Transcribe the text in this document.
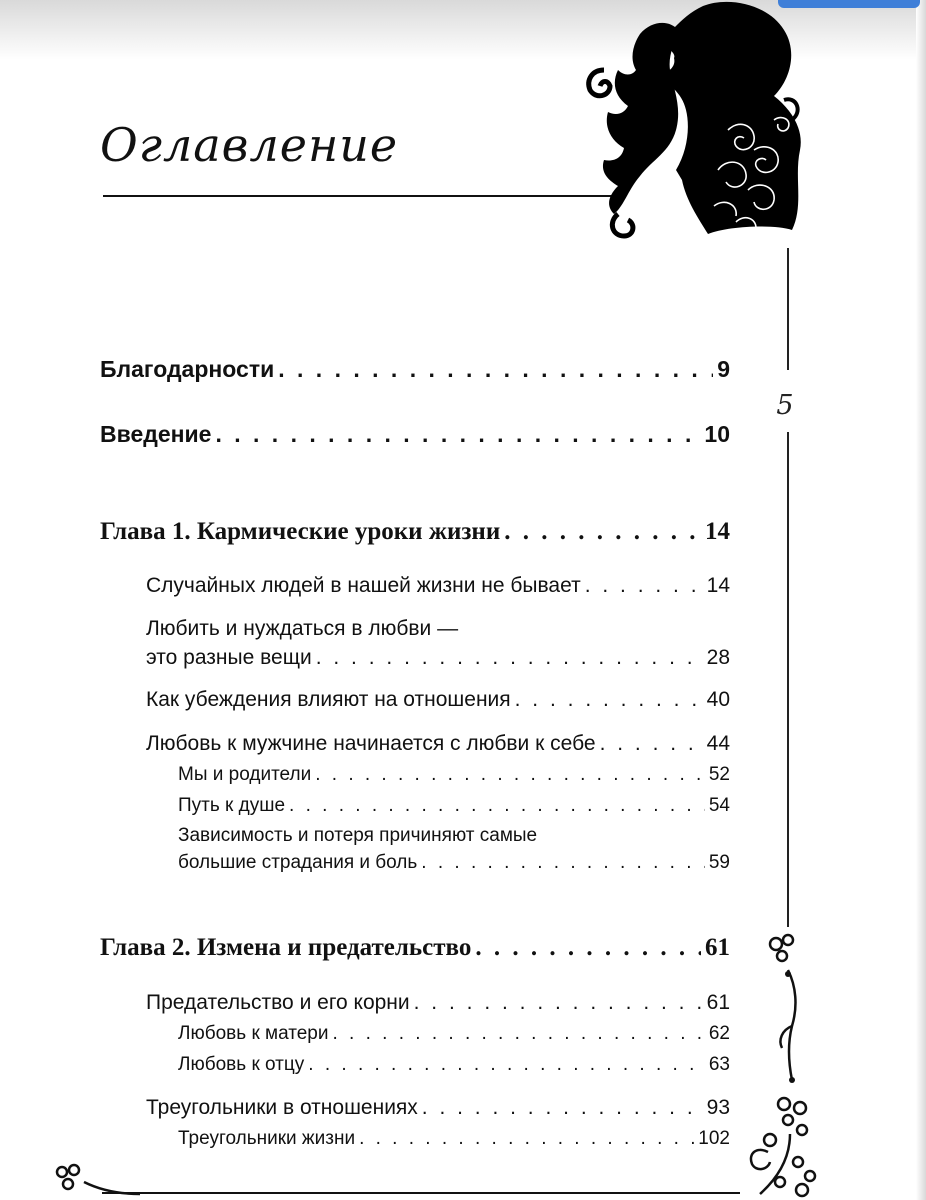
Оглавление
5
Благодарности . . .	9
Введение . . .	10
Глава 1. Кармические уроки жизни . . .	14
Случайных людей в нашей жизни не бывает . . .	14
Любить и нуждаться в любви —
это разные вещи . . .	28
Как убеждения влияют на отношения . . .	40
Любовь к мужчине начинается с любви к себе . . .	44
Мы и родители . . .	52
Путь к душе . . .	54
Зависимость и потеря причиняют самые
большие страдания и боль . . .	59
Глава 2. Измена и предательство . . .	61
Предательство и его корни . . .	61
Любовь к матери . . .	62
Любовь к отцу . . .	63
Треугольники в отношениях . . .	93
Треугольники жизни . . .	102
